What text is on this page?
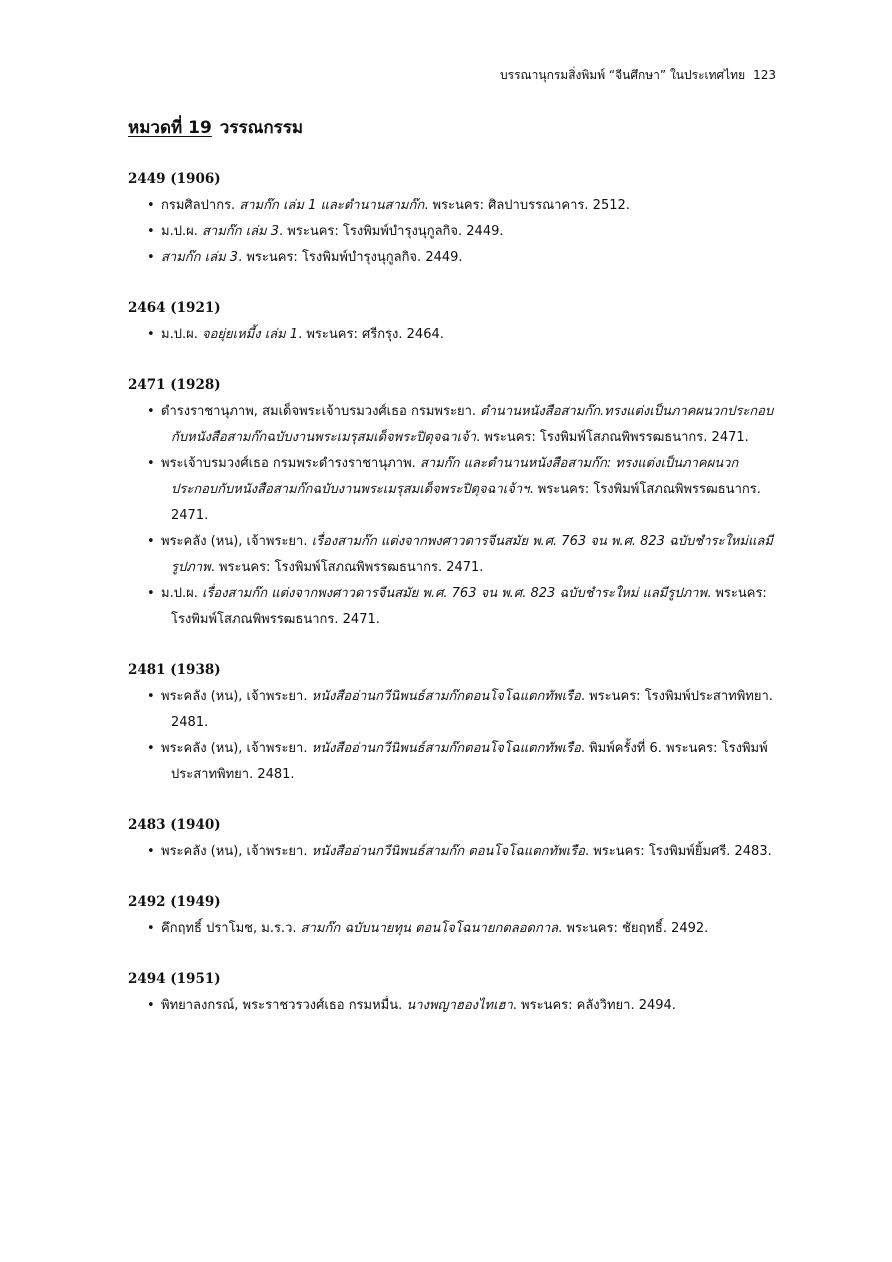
บรรณานุกรมสิ่งพิมพ์ “จีนศึกษา” ในประเทศไทย 123
หมวดที่ 19 วรรณกรรม
2449 (1906)
• กรมศิลปากร. สามก๊ก เล่ม 1 และตำนานสามก๊ก. พระนคร: ศิลปาบรรณาคาร. 2512.
• ม.ป.ผ. สามก๊ก เล่ม 3. พระนคร: โรงพิมพ์บำรุงนุกูลกิจ. 2449.
• สามก๊ก เล่ม 3. พระนคร: โรงพิมพ์บำรุงนุกูลกิจ. 2449.
2464 (1921)
• ม.ป.ผ. จอยุ่ยเหมี้ง เล่ม 1. พระนคร: ศรีกรุง. 2464.
2471 (1928)
• ดำรงราชานุภาพ, สมเด็จพระเจ้าบรมวงศ์เธอ กรมพระยา. ตำนานหนังสือสามก๊ก.ทรงแต่งเป็นภาคผนวกประกอบกับหนังสือสามก๊กฉบับงานพระเมรุสมเด็จพระปิตุจฉาเจ้า. พระนคร: โรงพิมพ์โสภณพิพรรฒธนากร. 2471.
• พระเจ้าบรมวงศ์เธอ กรมพระดำรงราชานุภาพ. สามก๊ก และตำนานหนังสือสามก๊ก: ทรงแต่งเป็นภาคผนวกประกอบกับหนังสือสามก๊กฉบับงานพระเมรุสมเด็จพระปิตุจฉาเจ้าฯ. พระนคร: โรงพิมพ์โสภณพิพรรฒธนากร. 2471.
• พระคลัง (หน), เจ้าพระยา. เรื่องสามก๊ก แต่งจากพงศาวดารจีนสมัย พ.ศ. 763 จน พ.ศ. 823 ฉบับชำระใหม่แลมีรูปภาพ. พระนคร: โรงพิมพ์โสภณพิพรรฒธนากร. 2471.
• ม.ป.ผ. เรื่องสามก๊ก แต่งจากพงศาวดารจีนสมัย พ.ศ. 763 จน พ.ศ. 823 ฉบับชำระใหม่ แลมีรูปภาพ. พระนคร: โรงพิมพ์โสภณพิพรรฒธนากร. 2471.
2481 (1938)
• พระคลัง (หน), เจ้าพระยา. หนังสืออ่านกวีนิพนธ์สามก๊กตอนโจโฉแตกทัพเรือ. พระนคร: โรงพิมพ์ประสาทพิทยา. 2481.
• พระคลัง (หน), เจ้าพระยา. หนังสืออ่านกวีนิพนธ์สามก๊กตอนโจโฉแตกทัพเรือ. พิมพ์ครั้งที่ 6. พระนคร: โรงพิมพ์ประสาทพิทยา. 2481.
2483 (1940)
• พระคลัง (หน), เจ้าพระยา. หนังสืออ่านกวีนิพนธ์สามก๊ก ตอนโจโฉแตกทัพเรือ. พระนคร: โรงพิมพ์ยิ้มศรี. 2483.
2492 (1949)
• คึกฤทธิ์ ปราโมช, ม.ร.ว. สามก๊ก ฉบับนายทุน ตอนโจโฉนายกตลอดกาล. พระนคร: ชัยฤทธิ์. 2492.
2494 (1951)
• พิทยาลงกรณ์, พระราชวรวงศ์เธอ กรมหมื่น. นางพญาฮองไทเฮา. พระนคร: คลังวิทยา. 2494.
